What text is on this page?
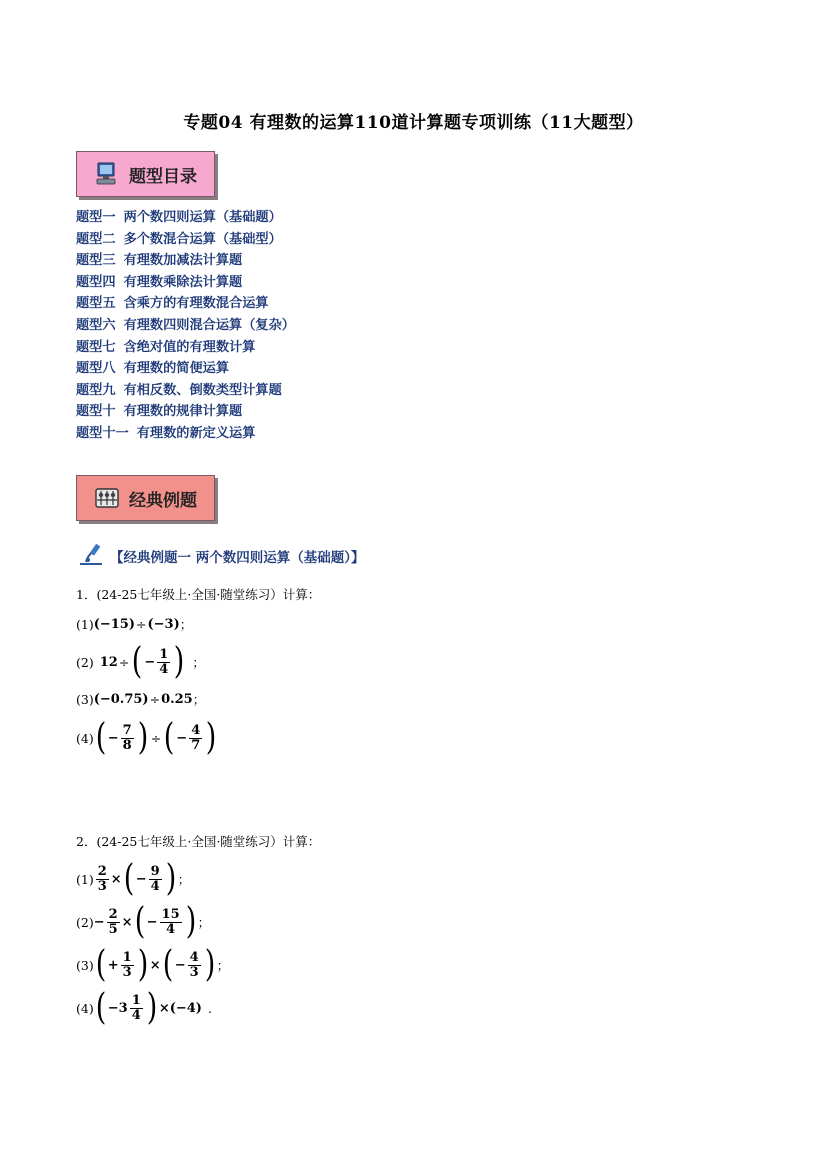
专题04 有理数的运算110道计算题专项训练（11大题型）
题型目录
题型一 两个数四则运算（基础题）
题型二 多个数混合运算（基础型）
题型三 有理数加减法计算题
题型四 有理数乘除法计算题
题型五 含乘方的有理数混合运算
题型六 有理数四则混合运算（复杂）
题型七 含绝对值的有理数计算
题型八 有理数的简便运算
题型九 有相反数、倒数类型计算题
题型十 有理数的规律计算题
题型十一 有理数的新定义运算
经典例题
【经典例题一 两个数四则运算（基础题）】
1．(24-25七年级上·全国·随堂练习）计算：
(1) (−15) ÷ (−3) ；
(2) 12 ÷ ( − $\frac{1}{4}$ ) ；
(3) (−0.75) ÷ 0.25 ；
(4) ( − $\frac{7}{8}$ ) ÷ ( − $\frac{4}{7}$ )
2．(24-25七年级上·全国·随堂练习）计算：
$(1) \frac{2}{3}$ × ( − $\frac{9}{4}$ ) ；
$(2) - \frac{2}{5}$ × ( − $\frac{15}{4}$ ) ；
(3) ( + $\frac{1}{3}$ ) × ( − $\frac{4}{3}$ ) ；
(4) ( $-3 \frac{1}{4}$ ) × (−4) .
